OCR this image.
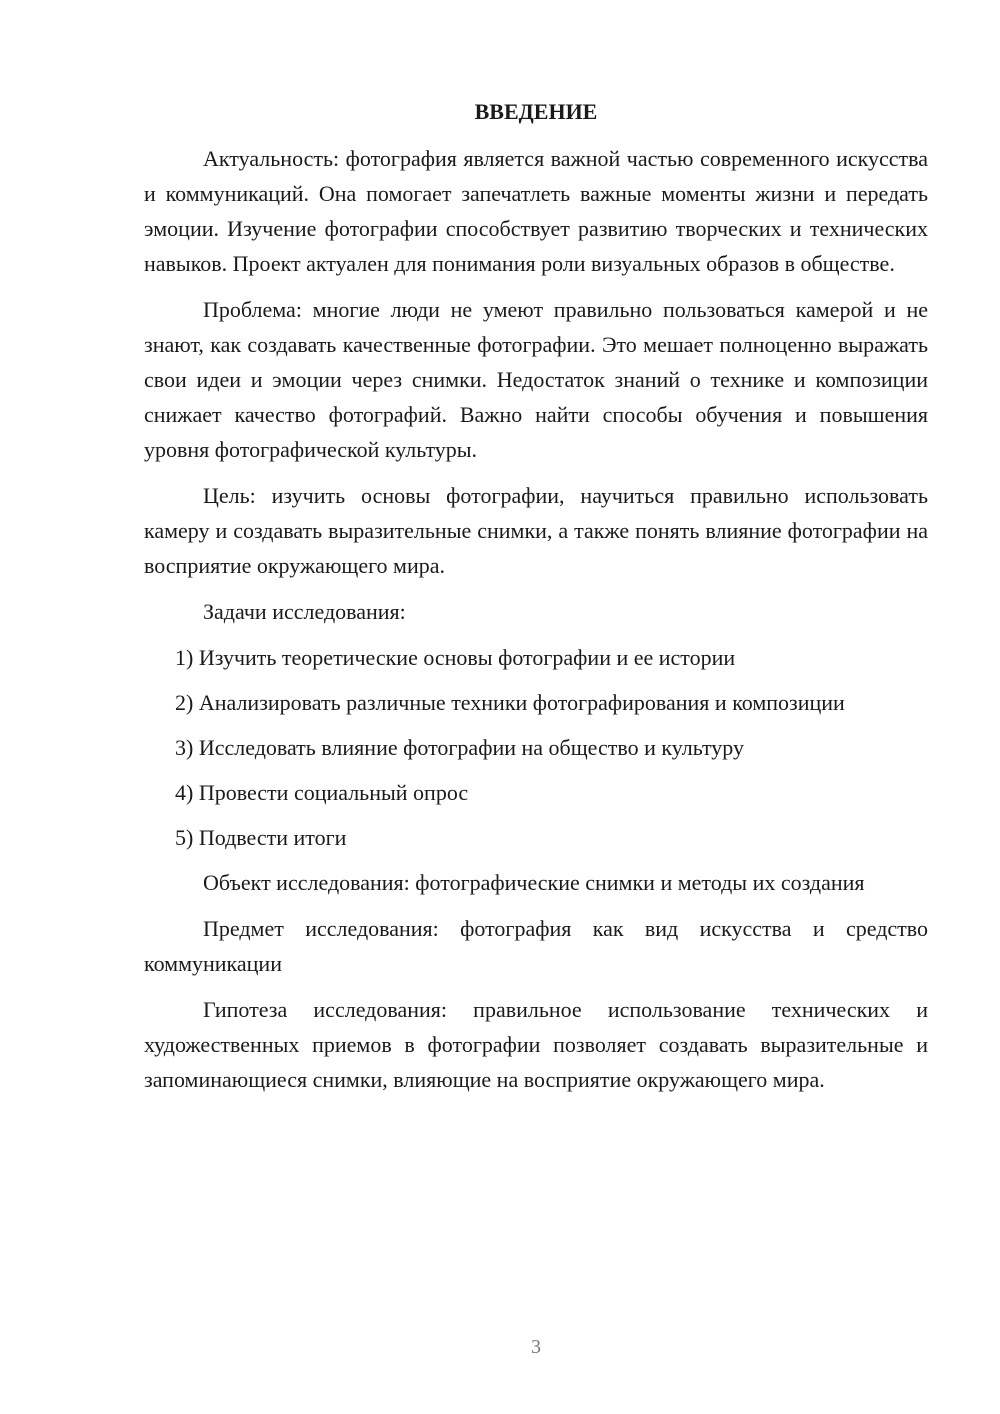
ВВЕДЕНИЕ

Актуальность: фотография является важной частью современного искусства и коммуникаций. Она помогает запечатлеть важные моменты жизни и передать эмоции. Изучение фотографии способствует развитию творческих и технических навыков. Проект актуален для понимания роли визуальных образов в обществе.

Проблема: многие люди не умеют правильно пользоваться камерой и не знают, как создавать качественные фотографии. Это мешает полноценно выражать свои идеи и эмоции через снимки. Недостаток знаний о технике и композиции снижает качество фотографий. Важно найти способы обучения и повышения уровня фотографической культуры.

Цель: изучить основы фотографии, научиться правильно использовать камеру и создавать выразительные снимки, а также понять влияние фотографии на восприятие окружающего мира.

Задачи исследования:

1) Изучить теоретические основы фотографии и ее истории

2) Анализировать различные техники фотографирования и композиции

3) Исследовать влияние фотографии на общество и культуру

4) Провести социальный опрос

5) Подвести итоги

Объект исследования: фотографические снимки и методы их создания

Предмет исследования: фотография как вид искусства и средство коммуникации

Гипотеза исследования: правильное использование технических и художественных приемов в фотографии позволяет создавать выразительные и запоминающиеся снимки, влияющие на восприятие окружающего мира.

3
